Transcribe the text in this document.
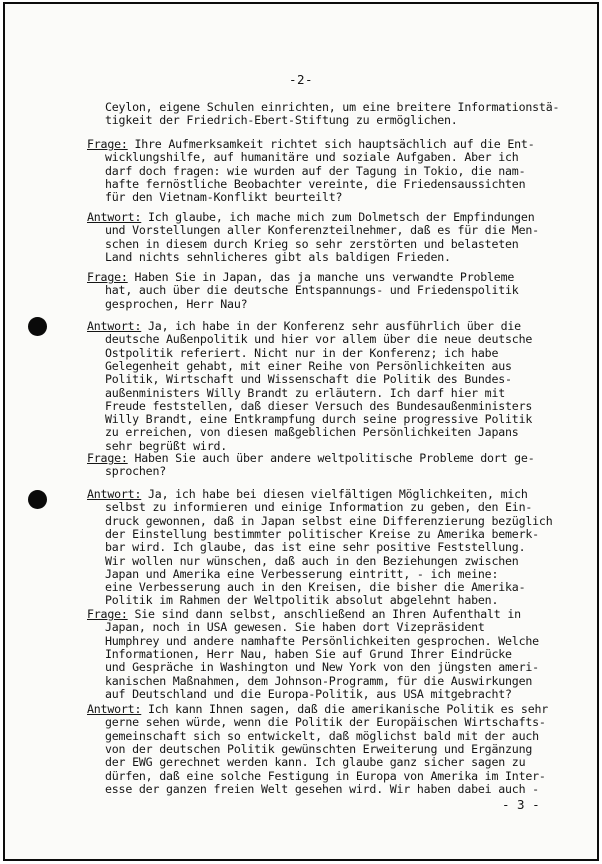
-2-
Ceylon, eigene Schulen einrichten, um eine breitere Informationstä-
tigkeit der Friedrich-Ebert-Stiftung zu ermöglichen.
Frage: Ihre Aufmerksamkeit richtet sich hauptsächlich auf die Ent-
wicklungshilfe, auf humanitäre und soziale Aufgaben. Aber ich
darf doch fragen: wie wurden auf der Tagung in Tokio, die nam-
hafte fernöstliche Beobachter vereinte, die Friedensaussichten
für den Vietnam-Konflikt beurteilt?
Antwort: Ich glaube, ich mache mich zum Dolmetsch der Empfindungen
und Vorstellungen aller Konferenzteilnehmer, daß es für die Men-
schen in diesem durch Krieg so sehr zerstörten und belasteten
Land nichts sehnlicheres gibt als baldigen Frieden.
Frage: Haben Sie in Japan, das ja manche uns verwandte Probleme
hat, auch über die deutsche Entspannungs- und Friedenspolitik
gesprochen, Herr Nau?
Antwort: Ja, ich habe in der Konferenz sehr ausführlich über die
deutsche Außenpolitik und hier vor allem über die neue deutsche
Ostpolitik referiert. Nicht nur in der Konferenz; ich habe
Gelegenheit gehabt, mit einer Reihe von Persönlichkeiten aus
Politik, Wirtschaft und Wissenschaft die Politik des Bundes-
außenministers Willy Brandt zu erläutern. Ich darf hier mit
Freude feststellen, daß dieser Versuch des Bundesaußenministers
Willy Brandt, eine Entkrampfung durch seine progressive Politik
zu erreichen, von diesen maßgeblichen Persönlichkeiten Japans
sehr begrüßt wird.
Frage: Haben Sie auch über andere weltpolitische Probleme dort ge-
sprochen?
Antwort: Ja, ich habe bei diesen vielfältigen Möglichkeiten, mich
selbst zu informieren und einige Information zu geben, den Ein-
druck gewonnen, daß in Japan selbst eine Differenzierung bezüglich
der Einstellung bestimmter politischer Kreise zu Amerika bemerk-
bar wird. Ich glaube, das ist eine sehr positive Feststellung.
Wir wollen nur wünschen, daß auch in den Beziehungen zwischen
Japan und Amerika eine Verbesserung eintritt, - ich meine:
eine Verbesserung auch in den Kreisen, die bisher die Amerika-
Politik im Rahmen der Weltpolitik absolut abgelehnt haben.
Frage: Sie sind dann selbst, anschließend an Ihren Aufenthalt in
Japan, noch in USA gewesen. Sie haben dort Vizepräsident
Humphrey und andere namhafte Persönlichkeiten gesprochen. Welche
Informationen, Herr Nau, haben Sie auf Grund Ihrer Eindrücke
und Gespräche in Washington und New York von den jüngsten ameri-
kanischen Maßnahmen, dem Johnson-Programm, für die Auswirkungen
auf Deutschland und die Europa-Politik, aus USA mitgebracht?
Antwort: Ich kann Ihnen sagen, daß die amerikanische Politik es sehr
gerne sehen würde, wenn die Politik der Europäischen Wirtschafts-
gemeinschaft sich so entwickelt, daß möglichst bald mit der auch
von der deutschen Politik gewünschten Erweiterung und Ergänzung
der EWG gerechnet werden kann. Ich glaube ganz sicher sagen zu
dürfen, daß eine solche Festigung in Europa von Amerika im Inter-
esse der ganzen freien Welt gesehen wird. Wir haben dabei auch -
- 3 -
